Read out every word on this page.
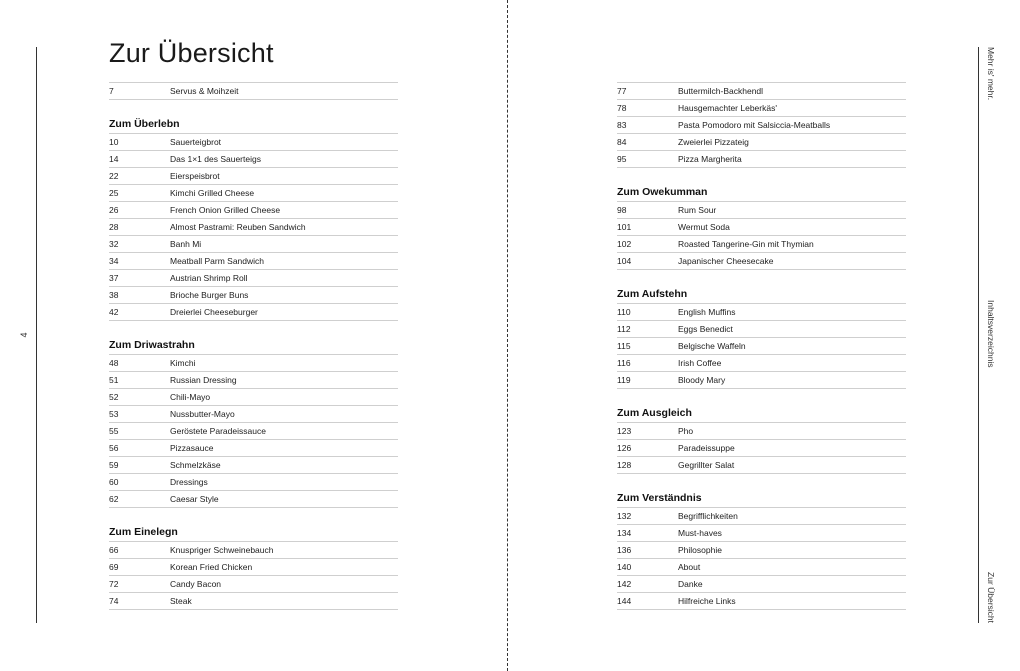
4
Mehr is' mehr.
Inhaltsverzeichnis
Zur Übersicht
Zur Übersicht
7	Servus & Moihzeit
Zum Überlebn
10	Sauerteigbrot
14	Das 1×1 des Sauerteigs
22	Eierspeisbrot
25	Kimchi Grilled Cheese
26	French Onion Grilled Cheese
28	Almost Pastrami: Reuben Sandwich
32	Banh Mi
34	Meatball Parm Sandwich
37	Austrian Shrimp Roll
38	Brioche Burger Buns
42	Dreierlei Cheeseburger
Zum Driwastrahn
48	Kimchi
51	Russian Dressing
52	Chili-Mayo
53	Nussbutter-Mayo
55	Geröstete Paradeissauce
56	Pizzasauce
59	Schmelzkäse
60	Dressings
62	Caesar Style
Zum Einelegn
66	Knuspriger Schweinebauch
69	Korean Fried Chicken
72	Candy Bacon
74	Steak
77	Buttermilch-Backhendl
78	Hausgemachter Leberkäs'
83	Pasta Pomodoro mit Salsiccia-Meatballs
84	Zweierlei Pizzateig
95	Pizza Margherita
Zum Owekumman
98	Rum Sour
101	Wermut Soda
102	Roasted Tangerine-Gin mit Thymian
104	Japanischer Cheesecake
Zum Aufstehn
110	English Muffins
112	Eggs Benedict
115	Belgische Waffeln
116	Irish Coffee
119	Bloody Mary
Zum Ausgleich
123	Pho
126	Paradeissuppe
128	Gegrillter Salat
Zum Verständnis
132	Begrifflichkeiten
134	Must-haves
136	Philosophie
140	About
142	Danke
144	Hilfreiche Links
